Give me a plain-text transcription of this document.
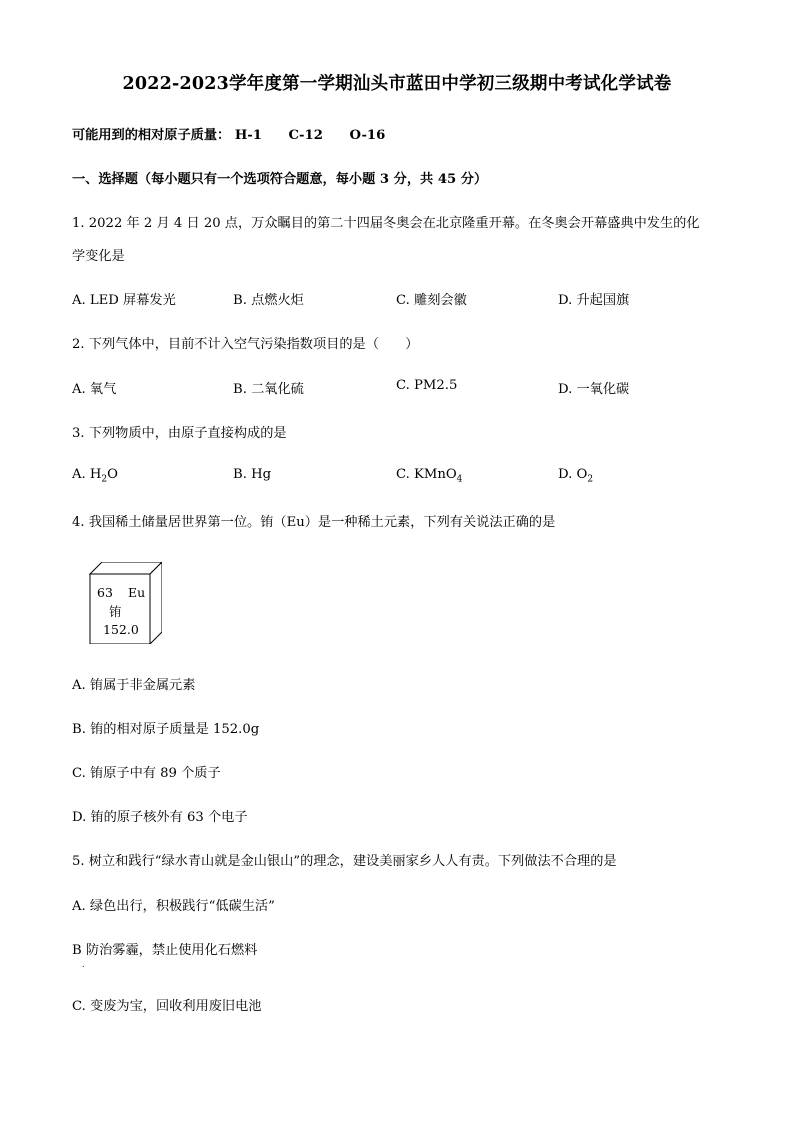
2022-2023学年度第一学期汕头市蓝田中学初三级期中考试化学试卷
可能用到的相对原子质量： H-1 C-12 O-16
一、选择题（每小题只有一个选项符合题意，每小题 3 分，共 45 分）
1. 2022 年 2 月 4 日 20 点，万众瞩目的第二十四届冬奥会在北京隆重开幕。在冬奥会开幕盛典中发生的化
学变化是
A. LED 屏幕发光	B. 点燃火炬	C. 雕刻会徽	D. 升起国旗
2. 下列气体中，目前不计入空气污染指数项目的是（　　）
A. 氧气	B. 二氧化硫	C. PM2.5	D. 一氧化碳
3. 下列物质中，由原子直接构成的是
A. $H_2O$	B. Hg	C. KMnO$_4$	D. $O_2$
4. 我国稀土储量居世界第一位。铕（Eu）是一种稀土元素，下列有关说法正确的是
63 Eu
铕
152.0
A. 铕属于非金属元素
B. 铕的相对原子质量是 152.0g
C. 铕原子中有 89 个质子
D. 铕的原子核外有 63 个电子
5. 树立和践行“绿水青山就是金山银山”的理念，建设美丽家乡人人有责。下列做法不合理的是
A. 绿色出行，积极践行“低碳生活”
B 防治雾霾，禁止使用化石燃料
.
C. 变废为宝，回收利用废旧电池
